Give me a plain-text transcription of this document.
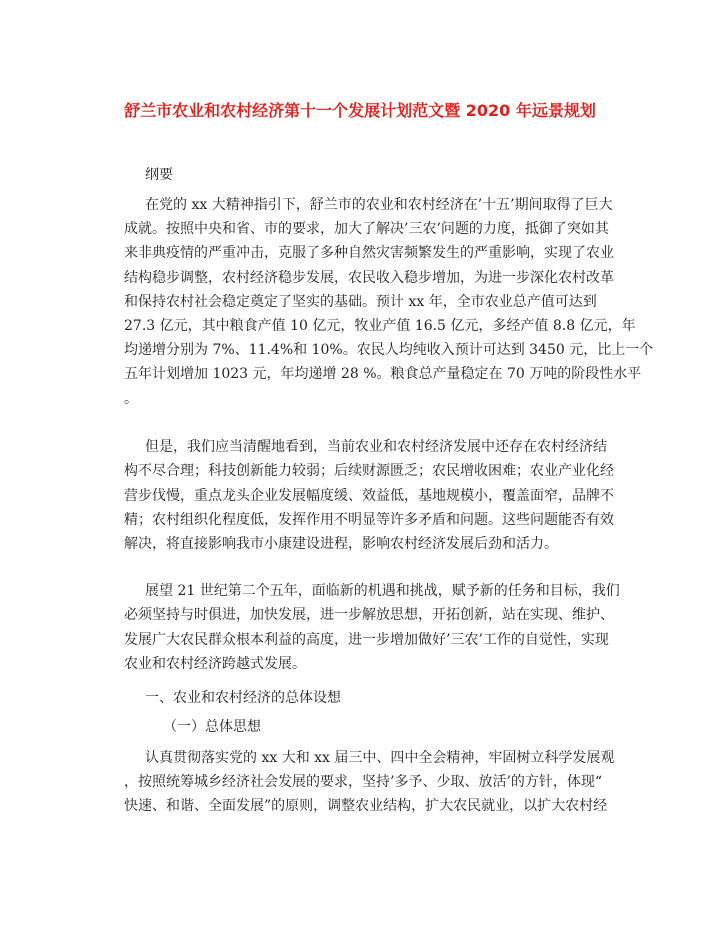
舒兰市农业和农村经济第十一个发展计划范文暨 2020 年远景规划
纲要
在党的 xx 大精神指引下，舒兰市的农业和农村经济在’十五’期间取得了巨大
成就。按照中央和省、市的要求，加大了解决’三农’问题的力度，抵御了突如其
来非典疫情的严重冲击，克服了多种自然灾害频繁发生的严重影响，实现了农业
结构稳步调整，农村经济稳步发展，农民收入稳步增加，为进一步深化农村改革
和保持农村社会稳定奠定了坚实的基础。预计 xx 年，全市农业总产值可达到
27.3 亿元，其中粮食产值 10 亿元，牧业产值 16.5 亿元，多经产值 8.8 亿元，年
均递增分别为 7%、11.4%和 10%。农民人均纯收入预计可达到 3450 元，比上一个
五年计划增加 1023 元，年均递增 28 %。粮食总产量稳定在 70 万吨的阶段性水平
。
但是，我们应当清醒地看到，当前农业和农村经济发展中还存在农村经济结
构不尽合理；科技创新能力较弱；后续财源匮乏；农民增收困难；农业产业化经
营步伐慢，重点龙头企业发展幅度缓、效益低，基地规模小，覆盖面窄，品牌不
精；农村组织化程度低，发挥作用不明显等许多矛盾和问题。这些问题能否有效
解决，将直接影响我市小康建设进程，影响农村经济发展后劲和活力。
展望 21 世纪第二个五年，面临新的机遇和挑战，赋予新的任务和目标，我们
必须坚持与时俱进，加快发展，进一步解放思想，开拓创新，站在实现、维护、
发展广大农民群众根本利益的高度，进一步增加做好’三农’工作的自觉性，实现
农业和农村经济跨越式发展。
一、农业和农村经济的总体设想
（一）总体思想
认真贯彻落实党的 xx 大和 xx 届三中、四中全会精神，牢固树立科学发展观
，按照统筹城乡经济社会发展的要求，坚持’多予、少取、放活’的方针，体现“
快速、和谐、全面发展”的原则，调整农业结构，扩大农民就业，以扩大农村经
